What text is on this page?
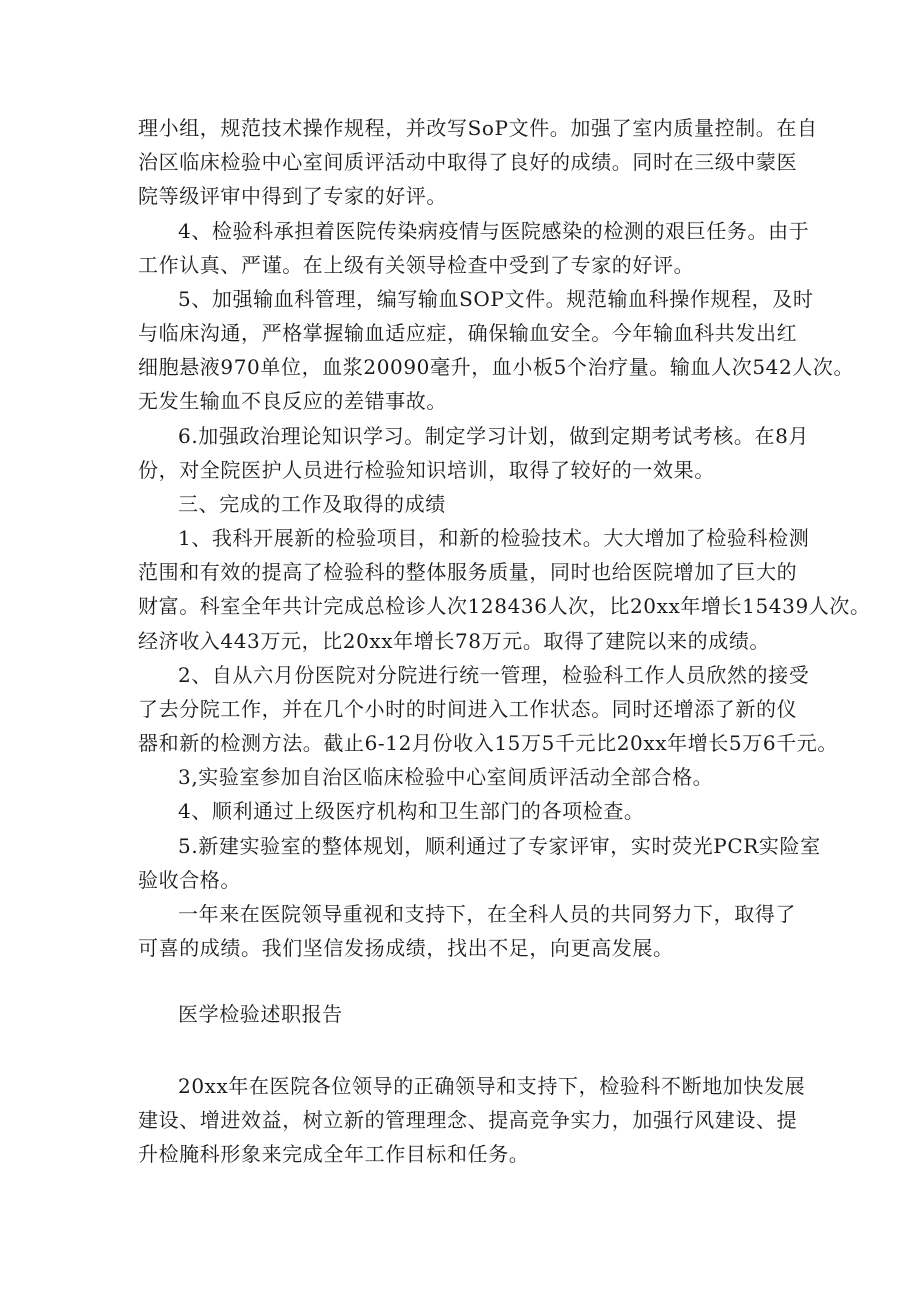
理小组，规范技术操作规程，并改写SoP文件。加强了室内质量控制。在自
治区临床检验中心室间质评活动中取得了良好的成绩。同时在三级中蒙医
院等级评审中得到了专家的好评。
4、检验科承担着医院传染病疫情与医院感染的检测的艰巨任务。由于
工作认真、严谨。在上级有关领导检查中受到了专家的好评。
5、加强输血科管理，编写输血SOP文件。规范输血科操作规程，及时
与临床沟通，严格掌握输血适应症，确保输血安全。今年输血科共发出红
细胞悬液970单位，血浆20090毫升，血小板5个治疗量。输血人次542人次。
无发生输血不良反应的差错事故。
6.加强政治理论知识学习。制定学习计划，做到定期考试考核。在8月
份，对全院医护人员进行检验知识培训，取得了较好的一效果。
三、完成的工作及取得的成绩
1、我科开展新的检验项目，和新的检验技术。大大增加了检验科检测
范围和有效的提高了检验科的整体服务质量，同时也给医院增加了巨大的
财富。科室全年共计完成总检诊人次128436人次，比20xx年增长15439人次。
经济收入443万元，比20xx年增长78万元。取得了建院以来的成绩。
2、自从六月份医院对分院进行统一管理，检验科工作人员欣然的接受
了去分院工作，并在几个小时的时间进入工作状态。同时还增添了新的仪
器和新的检测方法。截止6-12月份收入15万5千元比20xx年增长5万6千元。
3,实验室参加自治区临床检验中心室间质评活动全部合格。
4、顺利通过上级医疗机构和卫生部门的各项检查。
5.新建实验室的整体规划，顺利通过了专家评审，实时荧光PCR实险室
验收合格。
一年来在医院领导重视和支持下，在全科人员的共同努力下，取得了
可喜的成绩。我们坚信发扬成绩，找出不足，向更高发展。
医学检验述职报告
20xx年在医院各位领导的正确领导和支持下，检验科不断地加快发展
建设、增进效益，树立新的管理理念、提高竞争实力，加强行风建设、提
升检腌科形象来完成全年工作目标和任务。
